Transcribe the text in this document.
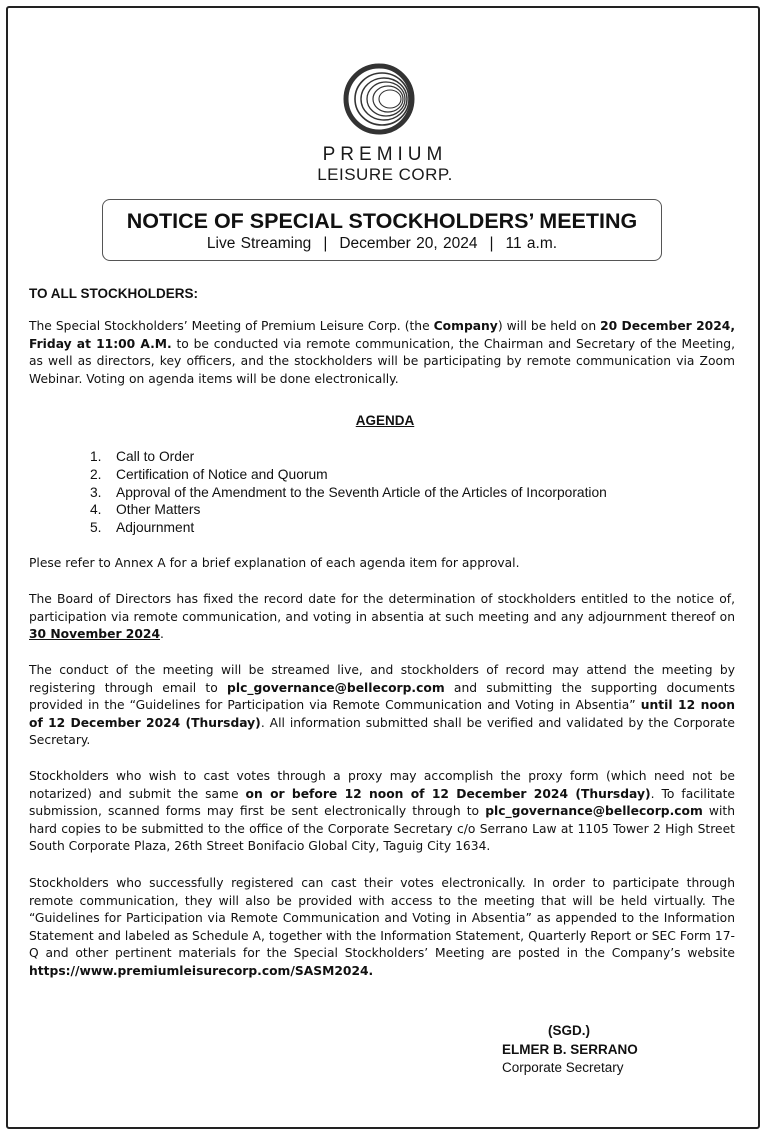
PREMIUM
LEISURE CORP.
NOTICE OF SPECIAL STOCKHOLDERS’ MEETING
Live Streaming | December 20, 2024 | 11 a.m.
TO ALL STOCKHOLDERS:

The Special Stockholders’ Meeting of Premium Leisure Corp. (the Company) will be held on 20 December 2024, Friday at 11:00 A.M. to be conducted via remote communication, the Chairman and Secretary of the Meeting, as well as directors, key officers, and the stockholders will be participating by remote communication via Zoom Webinar. Voting on agenda items will be done electronically.

AGENDA
1. Call to Order
2. Certification of Notice and Quorum
3. Approval of the Amendment to the Seventh Article of the Articles of Incorporation
4. Other Matters
5. Adjournment

Plese refer to Annex A for a brief explanation of each agenda item for approval.

The Board of Directors has fixed the record date for the determination of stockholders entitled to the notice of, participation via remote communication, and voting in absentia at such meeting and any adjournment thereof on 30 November 2024.

The conduct of the meeting will be streamed live, and stockholders of record may attend the meeting by registering through email to plc_governance@bellecorp.com and submitting the supporting documents provided in the “Guidelines for Participation via Remote Communication and Voting in Absentia” until 12 noon of 12 December 2024 (Thursday). All information submitted shall be verified and validated by the Corporate Secretary.

Stockholders who wish to cast votes through a proxy may accomplish the proxy form (which need not be notarized) and submit the same on or before 12 noon of 12 December 2024 (Thursday). To facilitate submission, scanned forms may first be sent electronically through to plc_governance@bellecorp.com with hard copies to be submitted to the office of the Corporate Secretary c/o Serrano Law at 1105 Tower 2 High Street South Corporate Plaza, 26th Street Bonifacio Global City, Taguig City 1634.

Stockholders who successfully registered can cast their votes electronically. In order to participate through remote communication, they will also be provided with access to the meeting that will be held virtually. The “Guidelines for Participation via Remote Communication and Voting in Absentia” as appended to the Information Statement and labeled as Schedule A, together with the Information Statement, Quarterly Report or SEC Form 17-Q and other pertinent materials for the Special Stockholders’ Meeting are posted in the Company’s website https://www.premiumleisurecorp.com/SASM2024.

(SGD.)
ELMER B. SERRANO
Corporate Secretary
